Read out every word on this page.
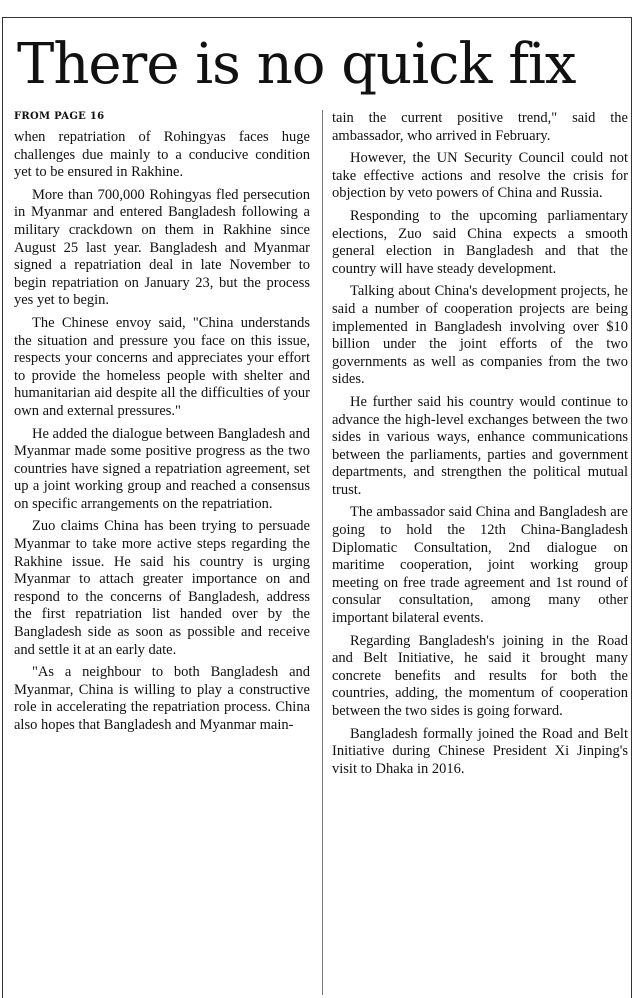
There is no quick fix

FROM PAGE 16

when repatriation of Rohingyas faces huge challenges due mainly to a conducive condition yet to be ensured in Rakhine.

More than 700,000 Rohingyas fled persecution in Myanmar and entered Bangladesh following a military crackdown on them in Rakhine since August 25 last year. Bangladesh and Myanmar signed a repatriation deal in late November to begin repatriation on January 23, but the process yes yet to begin.

The Chinese envoy said, "China understands the situation and pressure you face on this issue, respects your concerns and appreciates your effort to provide the homeless people with shelter and humanitarian aid despite all the difficulties of your own and external pressures."

He added the dialogue between Bangladesh and Myanmar made some positive progress as the two countries have signed a repatriation agreement, set up a joint working group and reached a consensus on specific arrangements on the repatriation.

Zuo claims China has been trying to persuade Myanmar to take more active steps regarding the Rakhine issue. He said his country is urging Myanmar to attach greater importance on and respond to the concerns of Bangladesh, address the first repatriation list handed over by the Bangladesh side as soon as possible and receive and settle it at an early date.

"As a neighbour to both Bangladesh and Myanmar, China is willing to play a constructive role in accelerating the repatriation process. China also hopes that Bangladesh and Myanmar main-

tain the current positive trend," said the ambassador, who arrived in February.

However, the UN Security Council could not take effective actions and resolve the crisis for objection by veto powers of China and Russia.

Responding to the upcoming parliamentary elections, Zuo said China expects a smooth general election in Bangladesh and that the country will have steady development.

Talking about China's development projects, he said a number of cooperation projects are being implemented in Bangladesh involving over $10 billion under the joint efforts of the two governments as well as companies from the two sides.

He further said his country would continue to advance the high-level exchanges between the two sides in various ways, enhance communications between the parliaments, parties and government departments, and strengthen the political mutual trust.

The ambassador said China and Bangladesh are going to hold the 12th China-Bangladesh Diplomatic Consultation, 2nd dialogue on maritime cooperation, joint working group meeting on free trade agreement and 1st round of consular consultation, among many other important bilateral events.

Regarding Bangladesh's joining in the Road and Belt Initiative, he said it brought many concrete benefits and results for both the countries, adding, the momentum of cooperation between the two sides is going forward.

Bangladesh formally joined the Road and Belt Initiative during Chinese President Xi Jinping's visit to Dhaka in 2016.
